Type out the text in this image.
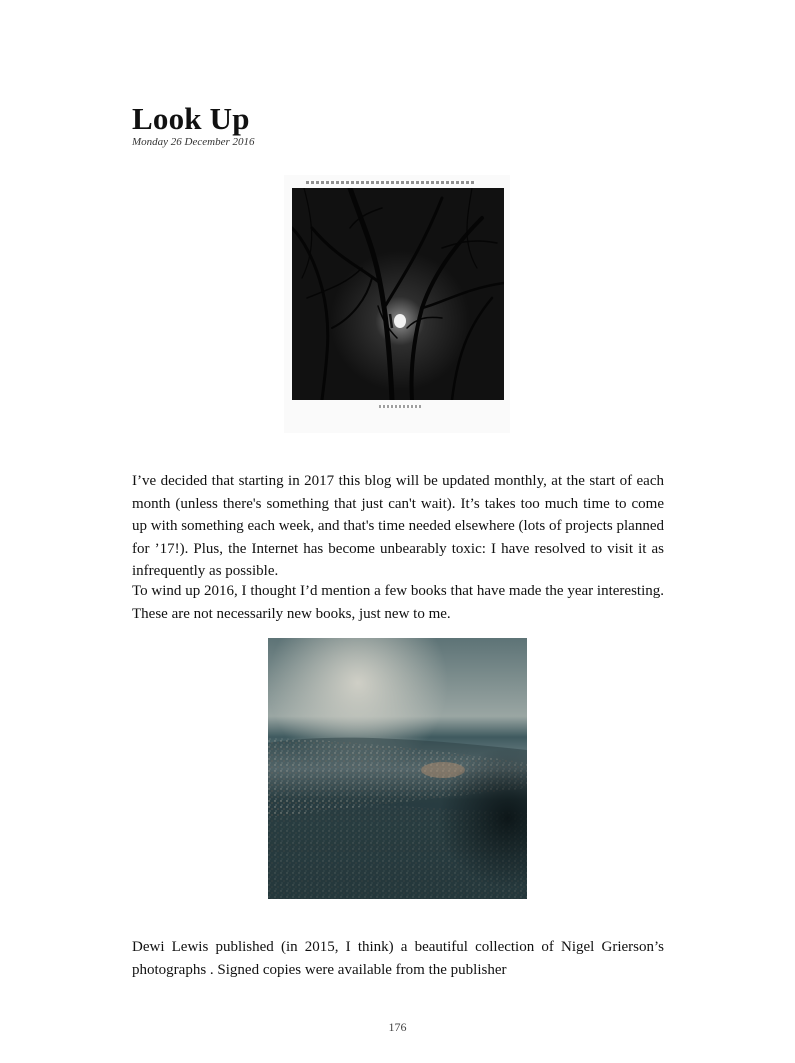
Look Up
Monday 26 December 2016

I’ve decided that starting in 2017 this blog will be updated monthly, at the start of each month (unless there's something that just can't wait). It’s takes too much time to come up with something each week, and that's time needed elsewhere (lots of projects planned for ’17!). Plus, the Internet has become unbearably toxic: I have resolved to visit it as infrequently as possible.

To wind up 2016, I thought I’d mention a few books that have made the year interesting. These are not necessarily new books, just new to me.

Dewi Lewis published (in 2015, I think) a beautiful collection of Nigel Grierson’s photographs . Signed copies were available from the publisher

176
